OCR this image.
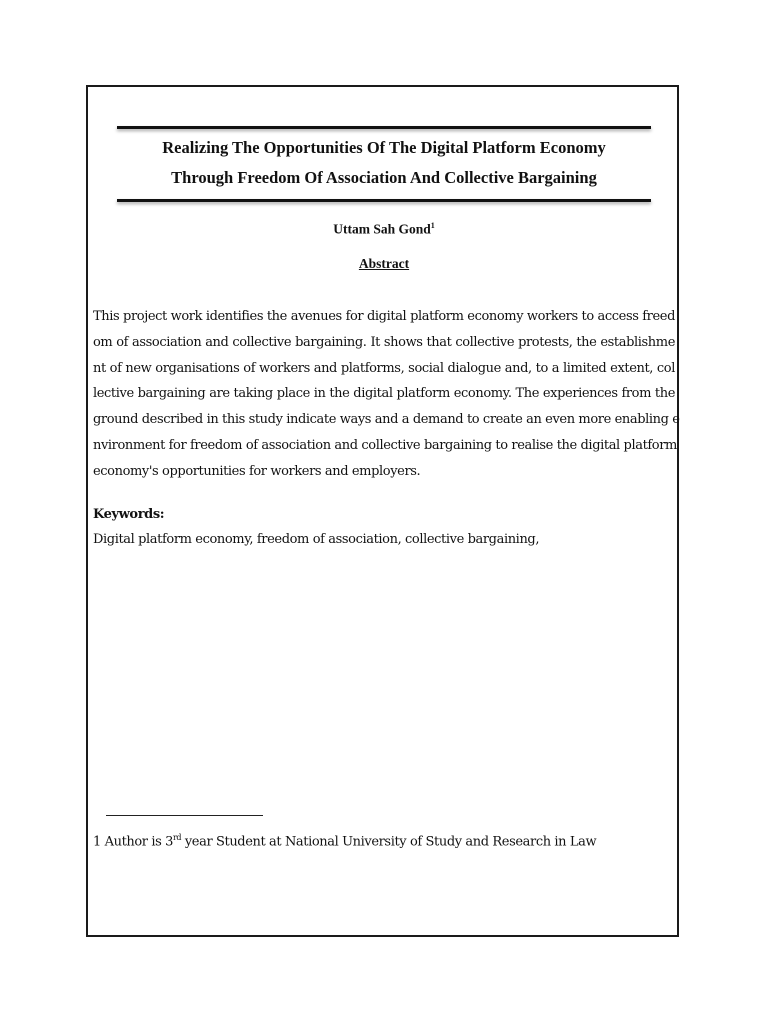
Realizing The Opportunities Of The Digital Platform Economy
Through Freedom Of Association And Collective Bargaining
Uttam Sah Gond$^1$
Abstract
This project work identifies the avenues for digital platform economy workers to access freed
om of association and collective bargaining. It shows that collective protests, the establishme
nt of new organisations of workers and platforms, social dialogue and, to a limited extent, col
lective bargaining are taking place in the digital platform economy. The experiences from the
ground described in this study indicate ways and a demand to create an even more enabling e
nvironment for freedom of association and collective bargaining to realise the digital platform
economy's opportunities for workers and employers.
Keywords:
Digital platform economy, freedom of association, collective bargaining,
1 Author is 3rd year Student at National University of Study and Research in Law
